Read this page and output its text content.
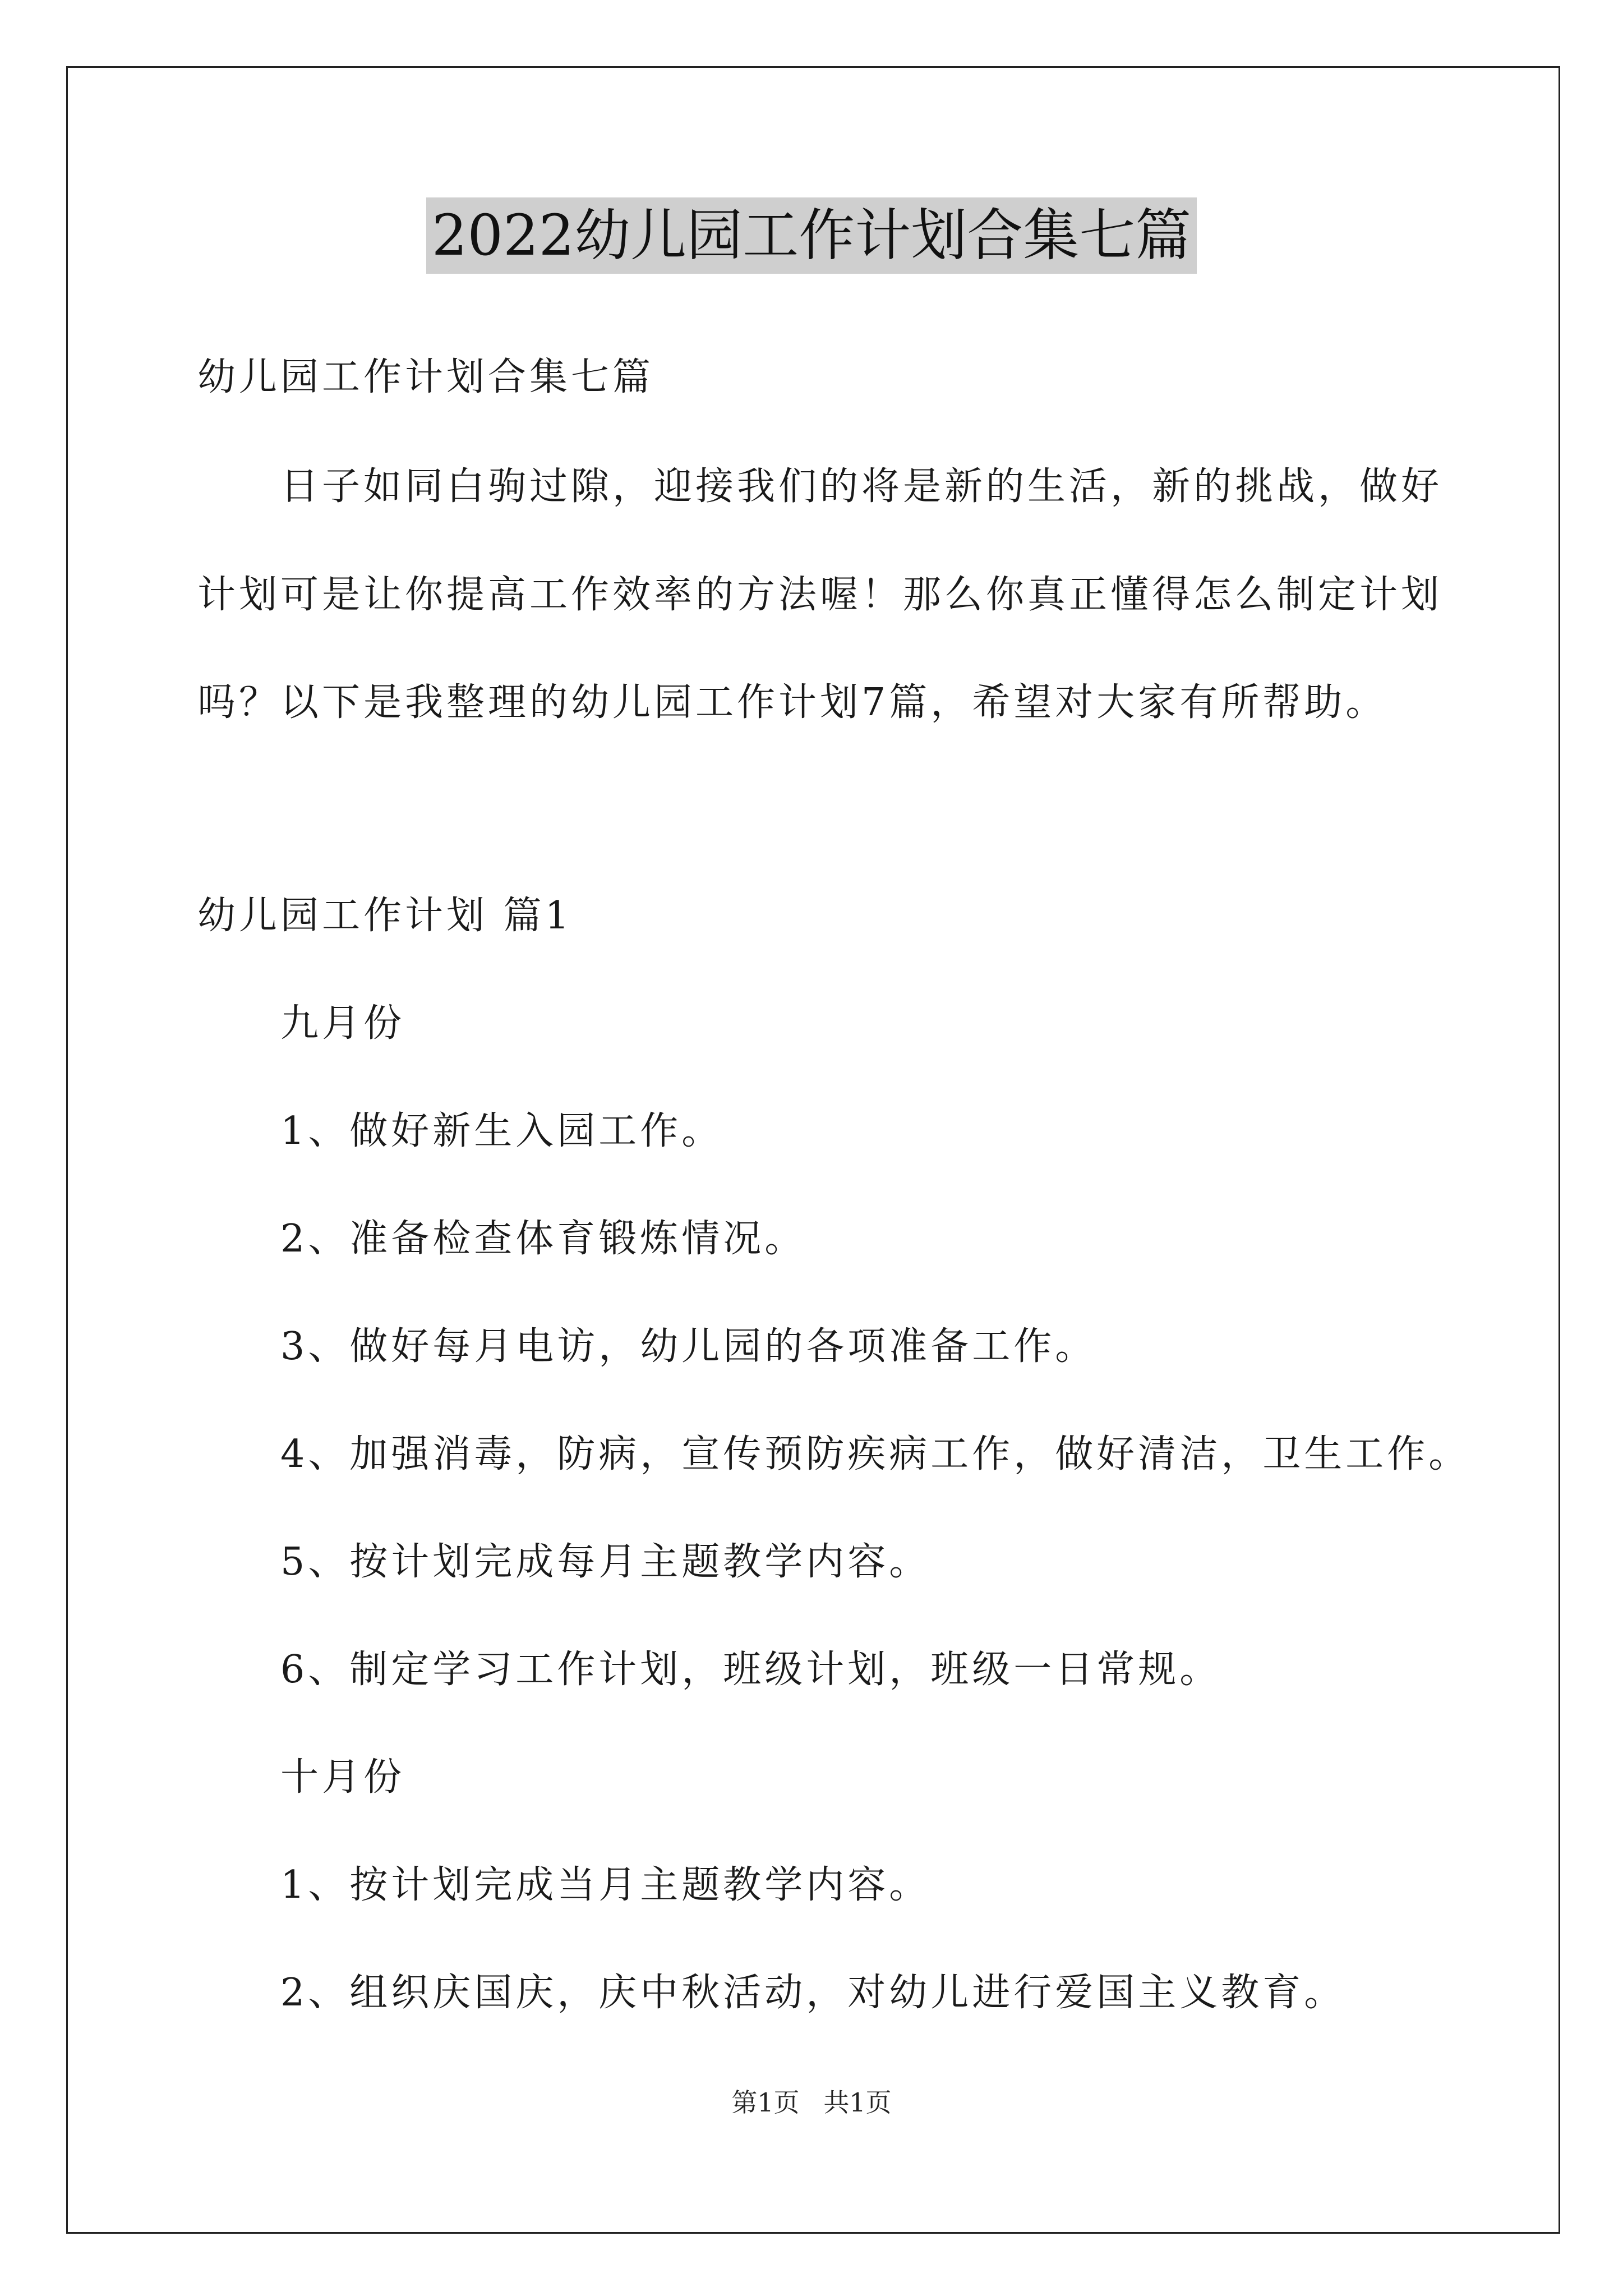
2022幼儿园工作计划合集七篇
幼儿园工作计划合集七篇
日子如同白驹过隙，迎接我们的将是新的生活，新的挑战，做好
计划可是让你提高工作效率的方法喔！那么你真正懂得怎么制定计划
吗？以下是我整理的幼儿园工作计划7篇，希望对大家有所帮助。
幼儿园工作计划 篇1
九月份
1、做好新生入园工作。
2、准备检查体育锻炼情况。
3、做好每月电访，幼儿园的各项准备工作。
4、加强消毒，防病，宣传预防疾病工作，做好清洁，卫生工作。
5、按计划完成每月主题教学内容。
6、制定学习工作计划，班级计划，班级一日常规。
十月份
1、按计划完成当月主题教学内容。
2、组织庆国庆，庆中秋活动，对幼儿进行爱国主义教育。
第1页 共1页
